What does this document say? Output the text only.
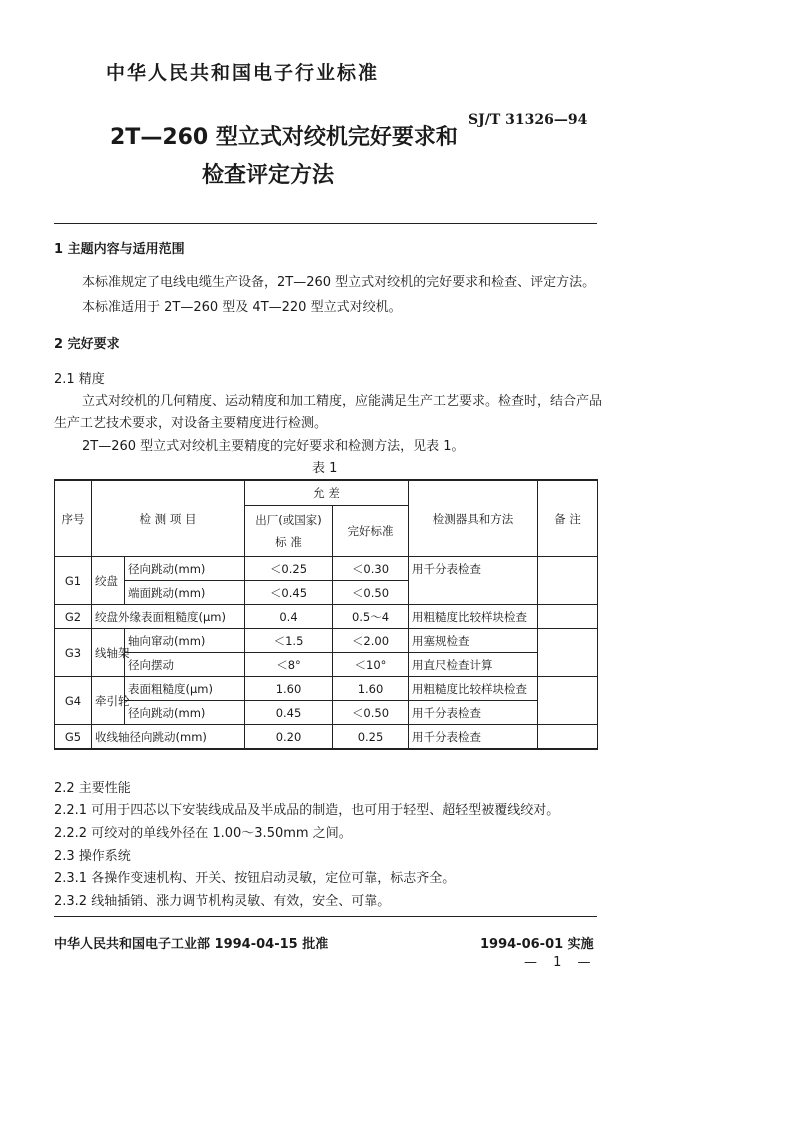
中华人民共和国电子行业标准
SJ/T 31326—94
2T—260 型立式对绞机完好要求和
检查评定方法
1 主题内容与适用范围
本标准规定了电线电缆生产设备，2T—260 型立式对绞机的完好要求和检查、评定方法。
本标准适用于 2T—260 型及 4T—220 型立式对绞机。
2 完好要求
2.1 精度
立式对绞机的几何精度、运动精度和加工精度，应能满足生产工艺要求。检查时，结合产品
生产工艺技术要求，对设备主要精度进行检测。
2T—260 型立式对绞机主要精度的完好要求和检测方法，见表 1。
表 1
序号	检 测 项 目		允 差		检测器具和方法	备 注
			出厂(或国家) 标 准	完好标准		
G1	绞盘	径向跳动(mm)	＜0.25	＜0.30	用千分表检查	
		端面跳动(mm)	＜0.45	＜0.50		
G2	绞盘外缘表面粗糙度(μm)		0.4	0.5～4	用粗糙度比较样块检查	
G3	线轴架	轴向窜动(mm)	＜1.5	＜2.00	用塞规检查	
		径向摆动	＜8°	＜10°	用直尺检查计算	
G4	牵引轮	表面粗糙度(μm)	1.60	1.60	用粗糙度比较样块检查	
		径向跳动(mm)	0.45	＜0.50	用千分表检查	
G5	收线轴径向跳动(mm)		0.20	0.25	用千分表检查	
2.2 主要性能
2.2.1 可用于四芯以下安装线成品及半成品的制造，也可用于轻型、超轻型被覆线绞对。
2.2.2 可绞对的单线外径在 1.00～3.50mm 之间。
2.3 操作系统
2.3.1 各操作变速机构、开关、按钮启动灵敏，定位可靠，标志齐全。
2.3.2 线轴插销、涨力调节机构灵敏、有效，安全、可靠。
中华人民共和国电子工业部 1994-04-15 批准	1994-06-01 实施
— 1 —
